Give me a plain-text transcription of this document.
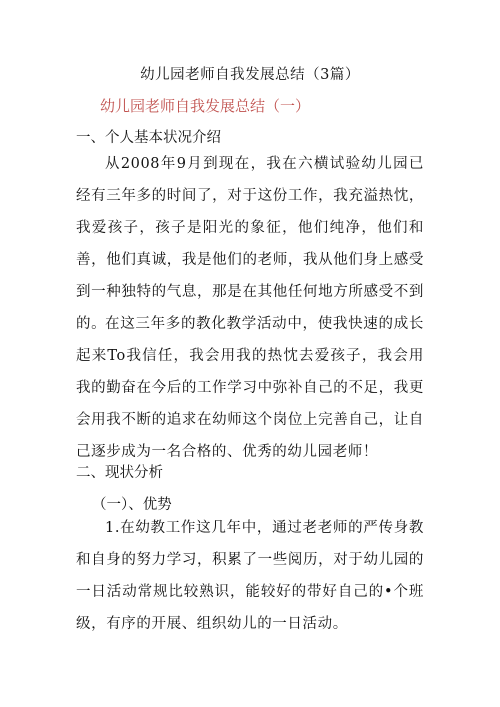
幼儿园老师自我发展总结（3篇）
幼儿园老师自我发展总结（一）
一、个人基本状况介绍
从2008年9月到现在，我在六横试验幼儿园已经有三年多的时间了，对于这份工作，我充溢热忱，我爱孩子，孩子是阳光的象征，他们纯净，他们和善，他们真诚，我是他们的老师，我从他们身上感受到一种独特的气息，那是在其他任何地方所感受不到的。
在这三年多的教化教学活动中，使我快速的成长起来To我信任，我会用我的热忱去爱孩子，我会用我的勤奋在今后的工作学习中弥补自己的不足，我更会用我不断的追求在幼师这个岗位上完善自己，让自己逐步成为一名合格的、优秀的幼儿园老师！
二、现状分析
（一）、优势
1.在幼教工作这几年中，通过老老师的严传身教和自身的努力学习，积累了一些阅历，对于幼儿园的一日活动常规比较熟识，能较好的带好自己的•个班级，有序的开展、组织幼儿的一日活动。
